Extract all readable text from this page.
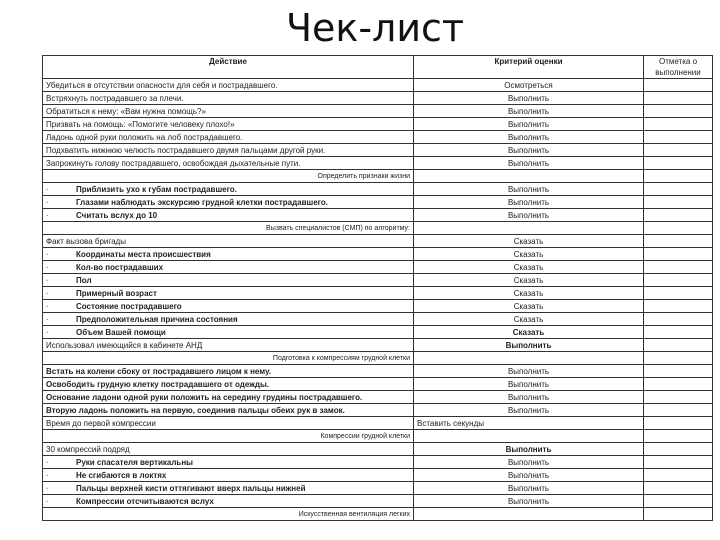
Чек-лист
Действие	Критерий оценки	Отметка о выполнении
Убедиться в отсутствии опасности для себя и пострадавшего.	Осмотреться	
Встряхнуть пострадавшего за плечи.	Выполнить	
Обратиться к нему: «Вам нужна помощь?»	Выполнить	
Призвать на помощь: «Помогите человеку плохо!»	Выполнить	
Ладонь одной руки положить на лоб пострадавшего.	Выполнить	
Подхватить нижнюю челюсть пострадавшего двумя пальцами другой руки.	Выполнить	
Запрокинуть голову пострадавшего, освобождая дыхательные пути.	Выполнить	
Определить признаки жизни		
· Приблизить ухо к губам пострадавшего.	Выполнить	
· Глазами наблюдать экскурсию грудной клетки пострадавшего.	Выполнить	
· Считать вслух до 10	Выполнить	
Вызвать специалистов (СМП) по алгоритму:		
Факт вызова бригады	Сказать	
· Координаты места происшествия	Сказать	
· Кол-во пострадавших	Сказать	
· Пол	Сказать	
· Примерный возраст	Сказать	
· Состояние пострадавшего	Сказать	
· Предположительная причина состояния	Сказать	
· Объем Вашей помощи	Сказать	
Использовал имеющийся в кабинете АНД	Выполнить	
Подготовка к компрессиям грудной клетки		
Встать на колени сбоку от пострадавшего лицом к нему.	Выполнить	
Освободить грудную клетку пострадавшего от одежды.	Выполнить	
Основание ладони одной руки положить на середину грудины пострадавшего.	Выполнить	
Вторую ладонь положить на первую, соединив пальцы обеих рук в замок.	Выполнить	
Время до первой компрессии	Вставить секунды	
Компрессии грудной клетки		
30 компрессий подряд	Выполнить	
· Руки спасателя вертикальны	Выполнить	
· Не сгибаются в локтях	Выполнить	
· Пальцы верхней кисти оттягивают вверх пальцы нижней	Выполнить	
· Компрессии отсчитываются вслух	Выполнить	
Искусственная вентиляция легких		
